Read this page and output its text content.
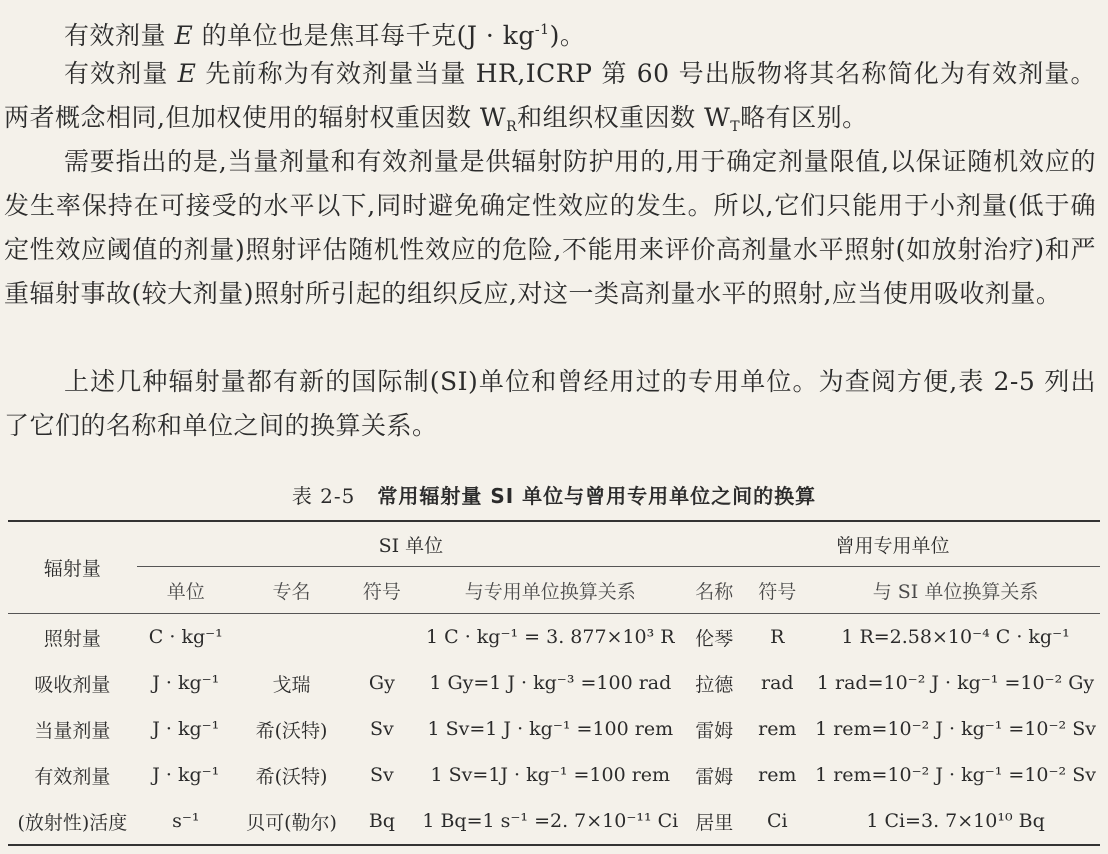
有效剂量 E 的单位也是焦耳每千克$(J \cdot kg^{-1})$。

有效剂量 E 先前称为有效剂量当量 HR,ICRP 第 60 号出版物将其名称简化为有效剂量。两者概念相同,但加权使用的辐射权重因数 $W_R$和组织权重因数 $W_T$略有区别。

需要指出的是,当量剂量和有效剂量是供辐射防护用的,用于确定剂量限值,以保证随机效应的发生率保持在可接受的水平以下,同时避免确定性效应的发生。所以,它们只能用于小剂量(低于确定性效应阈值的剂量)照射评估随机性效应的危险,不能用来评价高剂量水平照射(如放射治疗)和严重辐射事故(较大剂量)照射所引起的组织反应,对这一类高剂量水平的照射,应当使用吸收剂量。

上述几种辐射量都有新的国际制(SI)单位和曾经用过的专用单位。为查阅方便,表 2-5 列出了它们的名称和单位之间的换算关系。

表 2-5 常用辐射量 SI 单位与曾用专用单位之间的换算
辐射量	SI 单位				曾用专用单位		
	单位	专名	符号	与专用单位换算关系	名称	符号	与 SI 单位换算关系
照射量	C · kg⁻¹			1 C · kg⁻¹ = 3. 877×10³ R	伦琴	R	1 R=2.58×10⁻⁴ C · kg⁻¹
吸收剂量	J · kg⁻¹	戈瑞	Gy	1 Gy=1 J · kg⁻³ =100 rad	拉德	rad	1 rad=10⁻² J · kg⁻¹ =10⁻² Gy
当量剂量	J · kg⁻¹	希(沃特)	Sv	1 Sv=1 J · kg⁻¹ =100 rem	雷姆	rem	1 rem=10⁻² J · kg⁻¹ =10⁻² Sv
有效剂量	J · kg⁻¹	希(沃特)	Sv	1 Sv=1J · kg⁻¹ =100 rem	雷姆	rem	1 rem=10⁻² J · kg⁻¹ =10⁻² Sv
(放射性)活度	s⁻¹	贝可(勒尔)	Bq	1 Bq=1 s⁻¹ =2. 7×10⁻¹¹ Ci	居里	Ci	1 Ci=3. 7×10¹⁰ Bq
